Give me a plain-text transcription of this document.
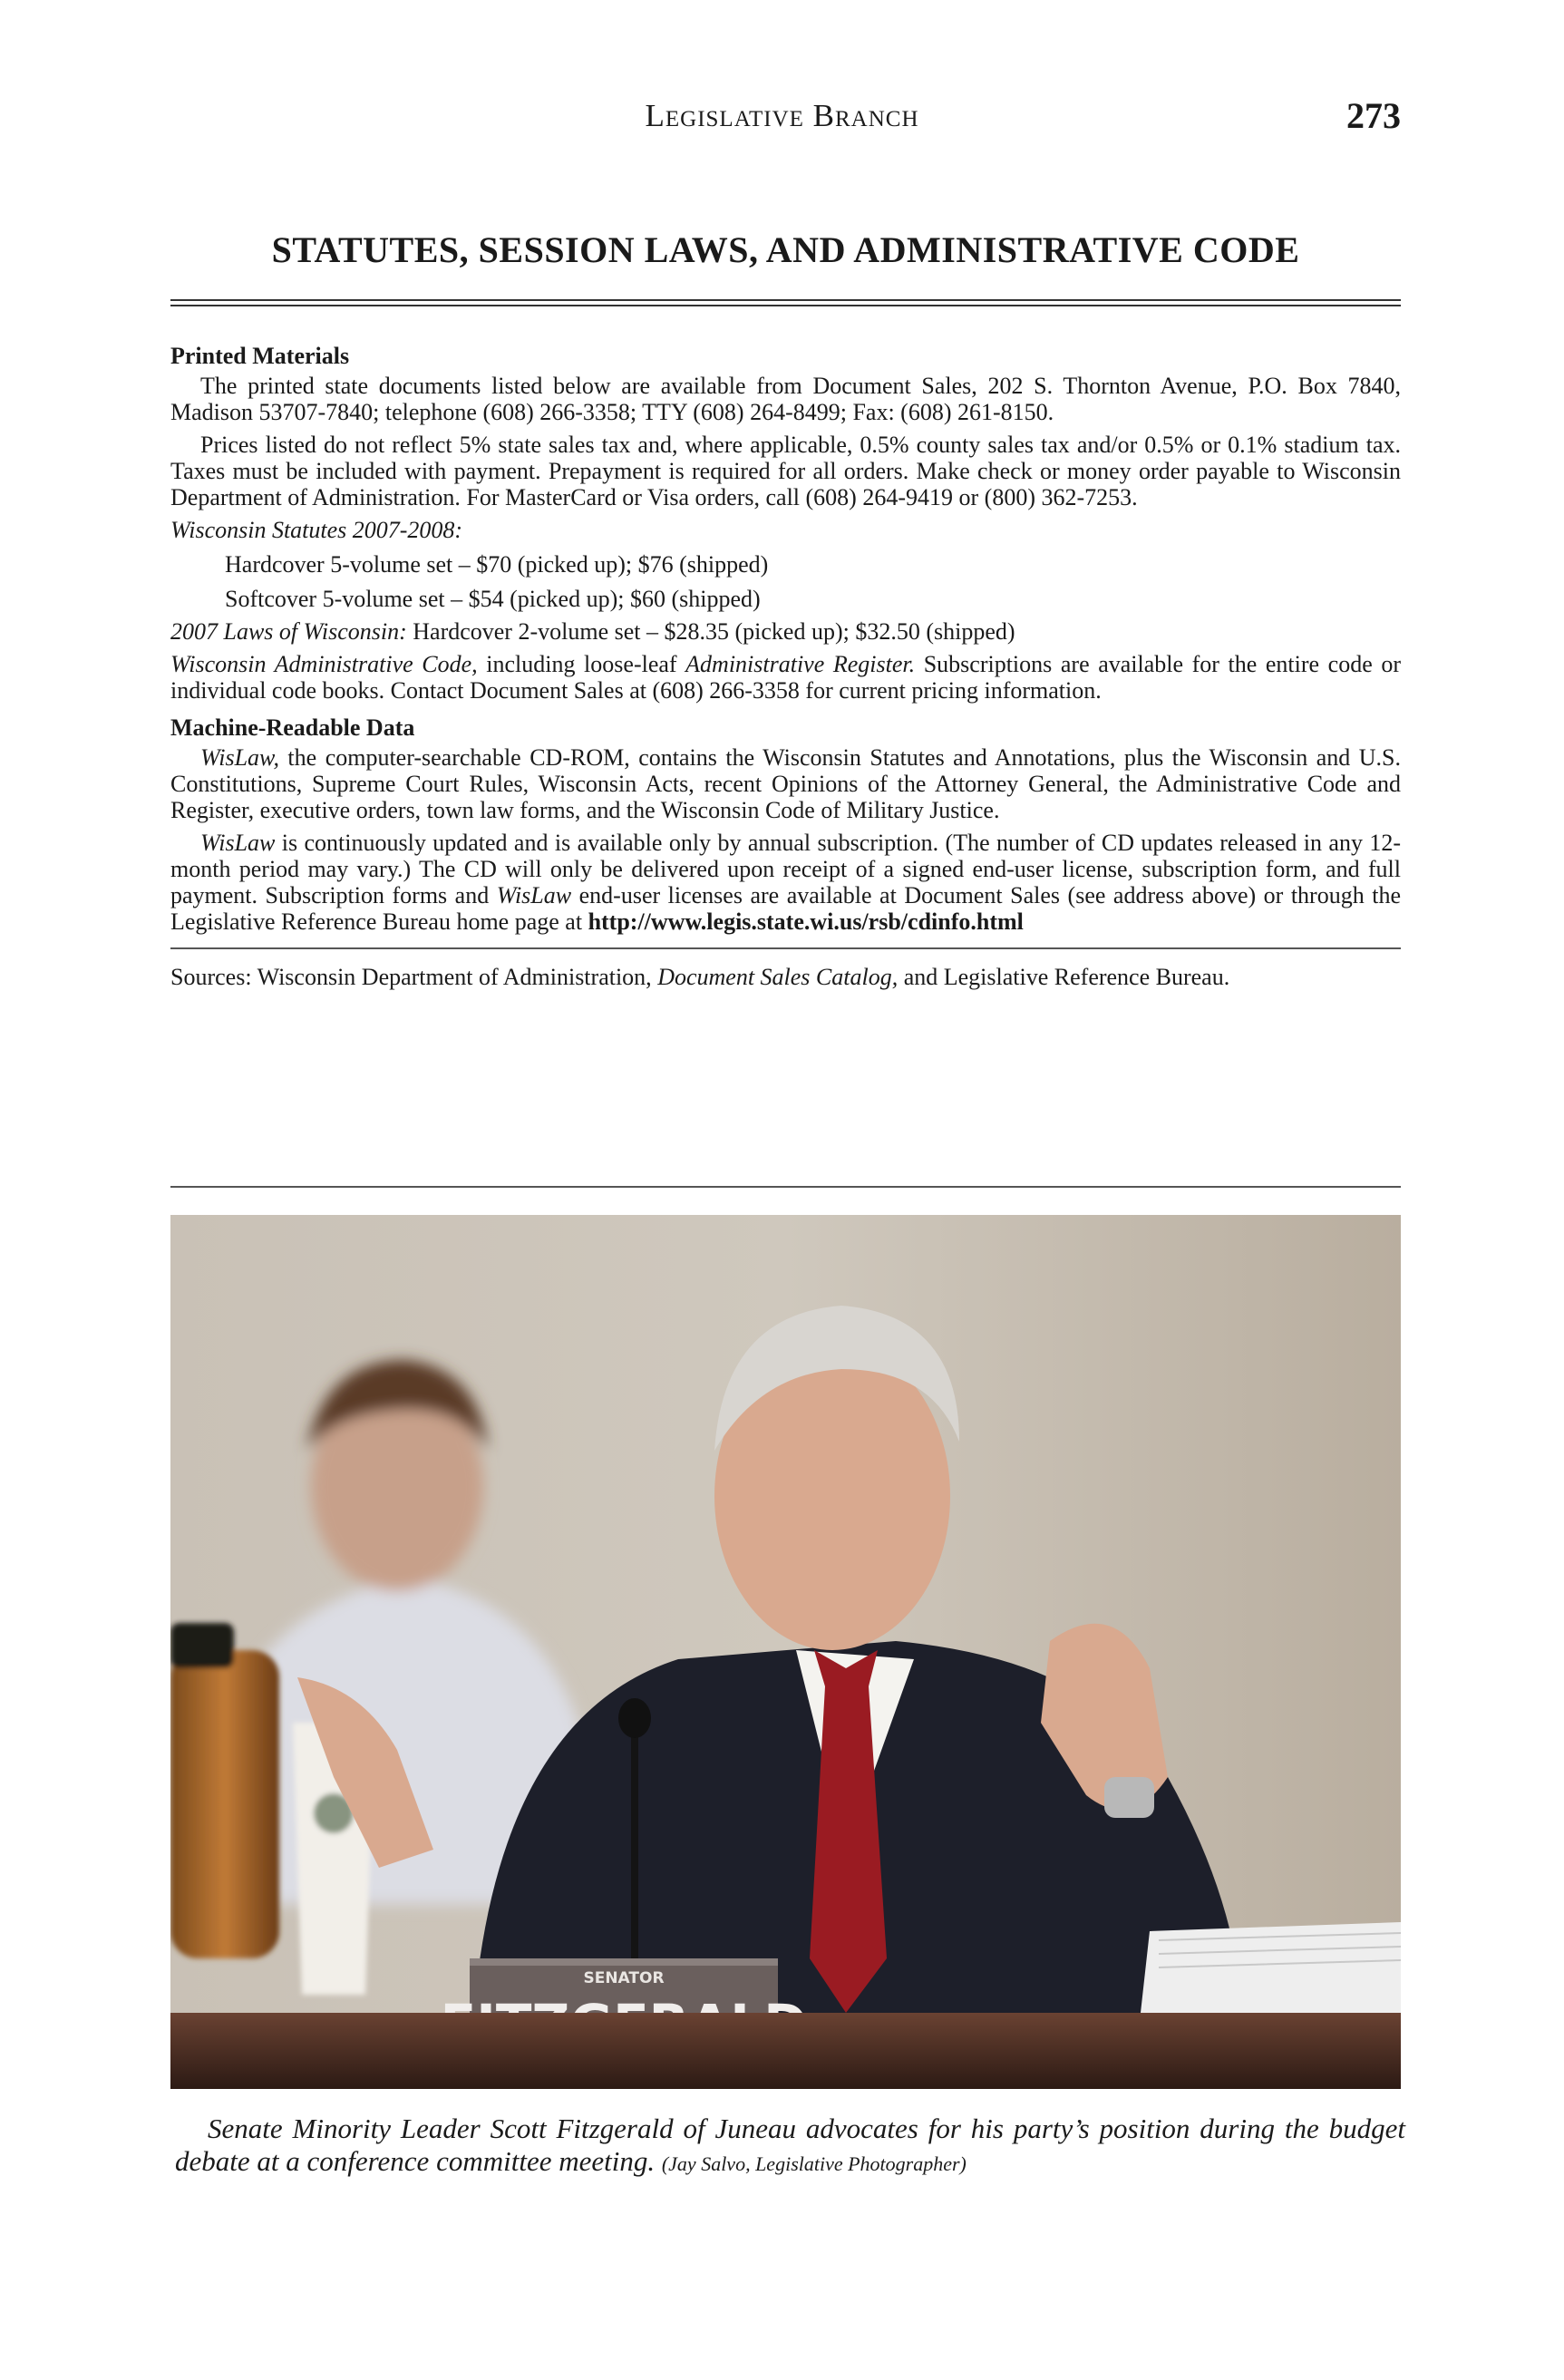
Legislative Branch	273
STATUTES, SESSION LAWS, AND ADMINISTRATIVE CODE

Printed Materials

The printed state documents listed below are available from Document Sales, 202 S. Thornton Avenue, P.O. Box 7840, Madison 53707-7840; telephone (608) 266-3358; TTY (608) 264-8499; Fax: (608) 261-8150.

Prices listed do not reflect 5% state sales tax and, where applicable, 0.5% county sales tax and/or 0.5% or 0.1% stadium tax. Taxes must be included with payment. Prepayment is required for all orders. Make check or money order payable to Wisconsin Department of Administration. For MasterCard or Visa orders, call (608) 264-9419 or (800) 362-7253.

Wisconsin Statutes 2007-2008:

Hardcover 5-volume set – $70 (picked up); $76 (shipped)

Softcover 5-volume set – $54 (picked up); $60 (shipped)

2007 Laws of Wisconsin: Hardcover 2-volume set – $28.35 (picked up); $32.50 (shipped)

Wisconsin Administrative Code, including loose-leaf Administrative Register. Subscriptions are available for the entire code or individual code books. Contact Document Sales at (608) 266-3358 for current pricing information.

Machine-Readable Data

WisLaw, the computer-searchable CD-ROM, contains the Wisconsin Statutes and Annotations, plus the Wisconsin and U.S. Constitutions, Supreme Court Rules, Wisconsin Acts, recent Opinions of the Attorney General, the Administrative Code and Register, executive orders, town law forms, and the Wisconsin Code of Military Justice.

WisLaw is continuously updated and is available only by annual subscription. (The number of CD updates released in any 12-month period may vary.) The CD will only be delivered upon receipt of a signed end-user license, subscription form, and full payment. Subscription forms and WisLaw end-user licenses are available at Document Sales (see address above) or through the Legislative Reference Bureau home page at http://www.legis.state.wi.us/rsb/cdinfo.html

Sources: Wisconsin Department of Administration, Document Sales Catalog, and Legislative Reference Bureau.

SENATOR
Senate Minority Leader Scott Fitzgerald of Juneau advocates for his party’s position during the budget debate at a conference committee meeting. (Jay Salvo, Legislative Photographer)
